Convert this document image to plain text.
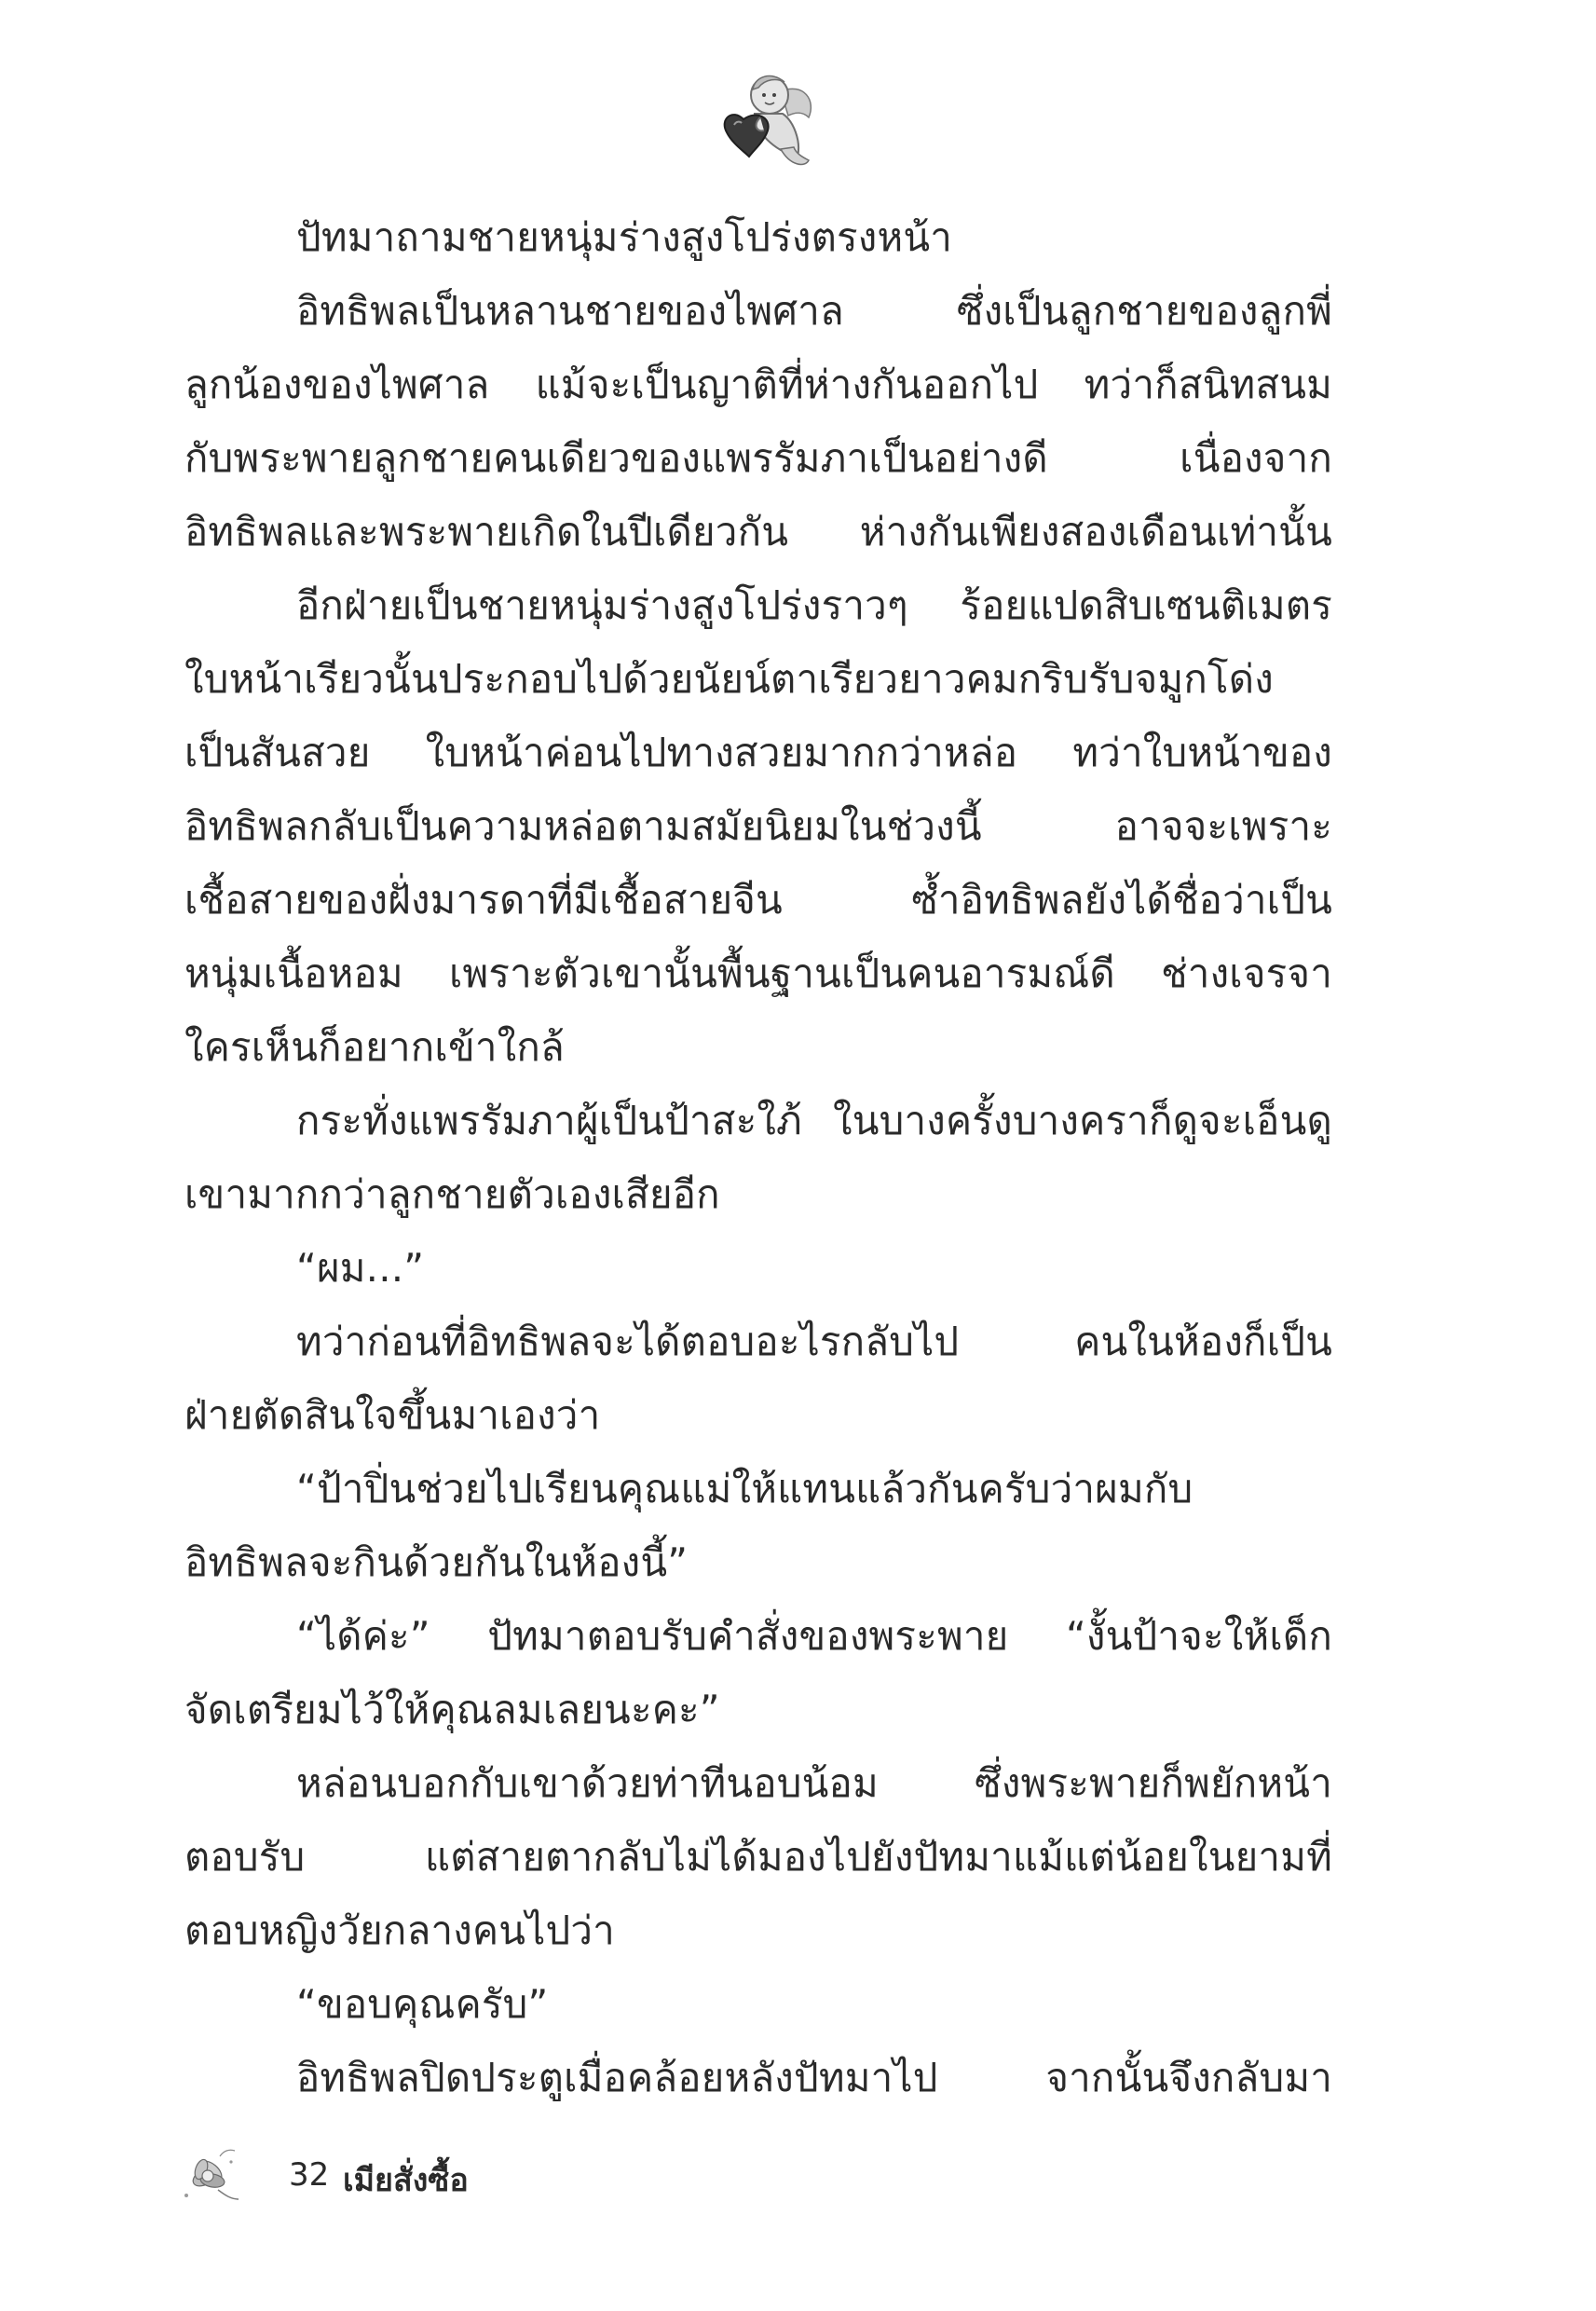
ปัทมาถามชายหนุ่มร่างสูงโปร่งตรงหน้า
อิทธิพลเป็นหลานชายของไพศาล ซึ่งเป็นลูกชายของลูกพี่
ลูกน้องของไพศาล แม้จะเป็นญาติที่ห่างกันออกไป ทว่าก็สนิทสนม
กับพระพายลูกชายคนเดียวของแพรรัมภาเป็นอย่างดี เนื่องจาก
อิทธิพลและพระพายเกิดในปีเดียวกัน ห่างกันเพียงสองเดือนเท่านั้น
อีกฝ่ายเป็นชายหนุ่มร่างสูงโปร่งราวๆ ร้อยแปดสิบเซนติเมตร
ใบหน้าเรียวนั้นประกอบไปด้วยนัยน์ตาเรียวยาวคมกริบรับจมูกโด่ง
เป็นสันสวย ใบหน้าค่อนไปทางสวยมากกว่าหล่อ ทว่าใบหน้าของ
อิทธิพลกลับเป็นความหล่อตามสมัยนิยมในช่วงนี้ อาจจะเพราะ
เชื้อสายของฝั่งมารดาที่มีเชื้อสายจีน ซ้ำอิทธิพลยังได้ชื่อว่าเป็น
หนุ่มเนื้อหอม เพราะตัวเขานั้นพื้นฐานเป็นคนอารมณ์ดี ช่างเจรจา
ใครเห็นก็อยากเข้าใกล้
กระทั่งแพรรัมภาผู้เป็นป้าสะใภ้ ในบางครั้งบางคราก็ดูจะเอ็นดู
เขามากกว่าลูกชายตัวเองเสียอีก
“ผม...”
ทว่าก่อนที่อิทธิพลจะได้ตอบอะไรกลับไป คนในห้องก็เป็น
ฝ่ายตัดสินใจขึ้นมาเองว่า
“ป้าปิ่นช่วยไปเรียนคุณแม่ให้แทนแล้วกันครับว่าผมกับ
อิทธิพลจะกินด้วยกันในห้องนี้”
“ได้ค่ะ” ปัทมาตอบรับคำสั่งของพระพาย “งั้นป้าจะให้เด็ก
จัดเตรียมไว้ให้คุณลมเลยนะคะ”
หล่อนบอกกับเขาด้วยท่าทีนอบน้อม ซึ่งพระพายก็พยักหน้า
ตอบรับ แต่สายตากลับไม่ได้มองไปยังปัทมาแม้แต่น้อยในยามที่
ตอบหญิงวัยกลางคนไปว่า
“ขอบคุณครับ”
อิทธิพลปิดประตูเมื่อคล้อยหลังปัทมาไป จากนั้นจึงกลับมา
32 เมียสั่งซื้อ
